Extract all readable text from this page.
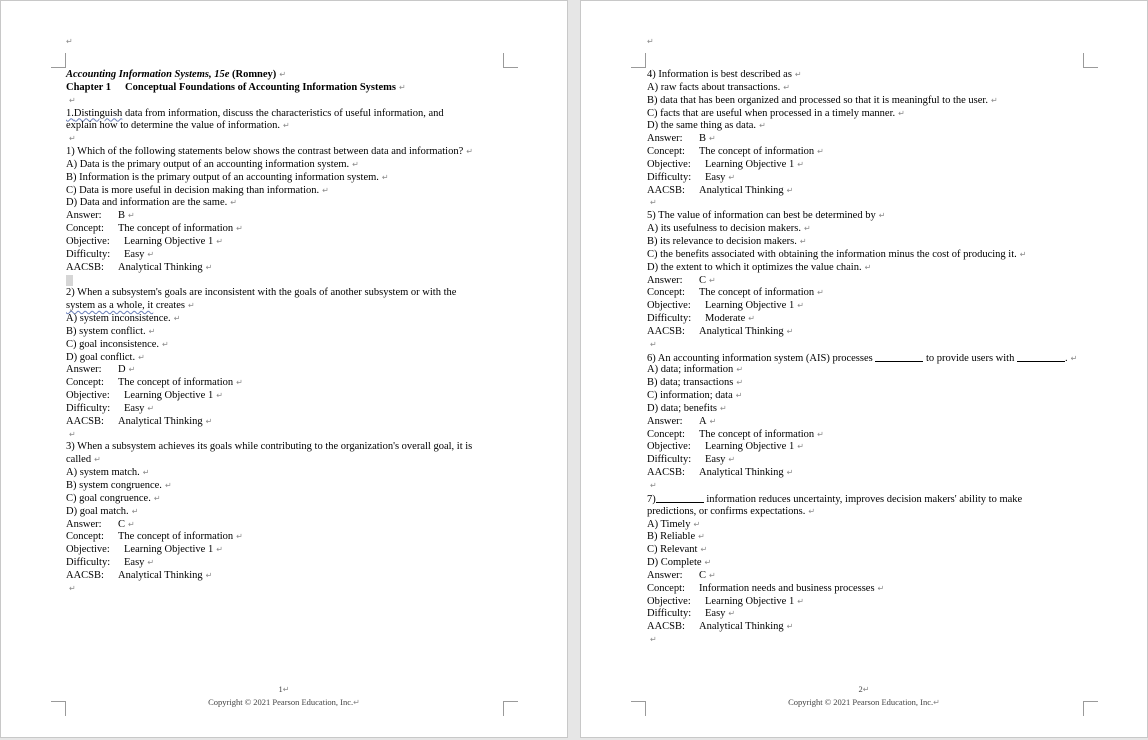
↵
Accounting Information Systems, 15e (Romney) ↵
Chapter 1 Conceptual Foundations of Accounting Information Systems ↵
↵
1.Distinguish data from information, discuss the characteristics of useful information, and
explain how to determine the value of information. ↵
↵
1) Which of the following statements below shows the contrast between data and information? ↵
A) Data is the primary output of an accounting information system. ↵
B) Information is the primary output of an accounting information system. ↵
C) Data is more useful in decision making than information. ↵
D) Data and information are the same. ↵
Answer: B ↵
Concept: The concept of information ↵
Objective: Learning Objective 1 ↵
Difficulty: Easy ↵
AACSB: Analytical Thinking ↵
2) When a subsystem's goals are inconsistent with the goals of another subsystem or with the
system as a whole, it creates ↵
A) system inconsistence. ↵
B) system conflict. ↵
C) goal inconsistence. ↵
D) goal conflict. ↵
Answer: D ↵
Concept: The concept of information ↵
Objective: Learning Objective 1 ↵
Difficulty: Easy ↵
AACSB: Analytical Thinking ↵
↵
3) When a subsystem achieves its goals while contributing to the organization's overall goal, it is
called ↵
A) system match. ↵
B) system congruence. ↵
C) goal congruence. ↵
D) goal match. ↵
Answer: C ↵
Concept: The concept of information ↵
Objective: Learning Objective 1 ↵
Difficulty: Easy ↵
AACSB: Analytical Thinking ↵
↵
1↵
Copyright © 2021 Pearson Education, Inc.↵
↵
4) Information is best described as ↵
A) raw facts about transactions. ↵
B) data that has been organized and processed so that it is meaningful to the user. ↵
C) facts that are useful when processed in a timely manner. ↵
D) the same thing as data. ↵
Answer: B ↵
Concept: The concept of information ↵
Objective: Learning Objective 1 ↵
Difficulty: Easy ↵
AACSB: Analytical Thinking ↵
↵
5) The value of information can best be determined by ↵
A) its usefulness to decision makers. ↵
B) its relevance to decision makers. ↵
C) the benefits associated with obtaining the information minus the cost of producing it. ↵
D) the extent to which it optimizes the value chain. ↵
Answer: C ↵
Concept: The concept of information ↵
Objective: Learning Objective 1 ↵
Difficulty: Moderate ↵
AACSB: Analytical Thinking ↵
↵
6) An accounting information system (AIS) processes	to provide users with	. ↵
A) data; information ↵
B) data; transactions ↵
C) information; data ↵
D) data; benefits ↵
Answer: A ↵
Concept: The concept of information ↵
Objective: Learning Objective 1 ↵
Difficulty: Easy ↵
AACSB: Analytical Thinking ↵
↵
7)	information reduces uncertainty, improves decision makers' ability to make
predictions, or confirms expectations. ↵
A) Timely ↵
B) Reliable ↵
C) Relevant ↵
D) Complete ↵
Answer: C ↵
Concept: Information needs and business processes ↵
Objective: Learning Objective 1 ↵
Difficulty: Easy ↵
AACSB: Analytical Thinking ↵
↵
2↵
Copyright © 2021 Pearson Education, Inc.↵
